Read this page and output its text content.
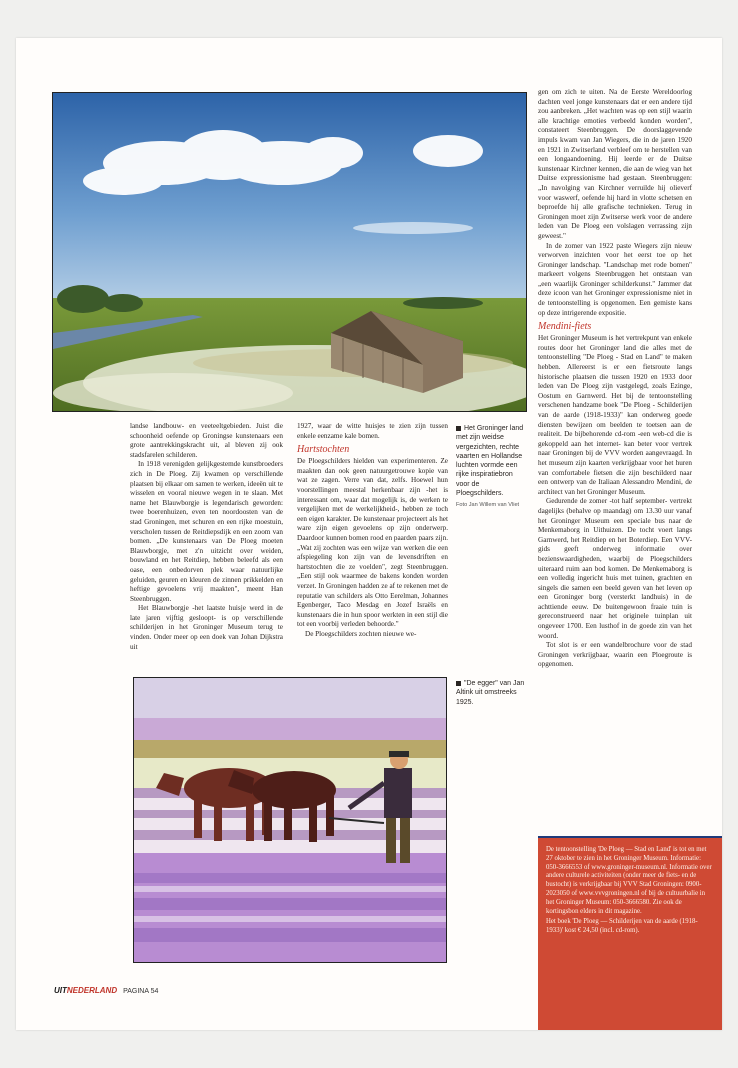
landse landbouw- en veeteeltgebieden. Juist die schoonheid oefende op Groningse kunstenaars een grote aantrekkingskracht uit, al bleven zij ook stadsfarelen schilderen.

In 1918 verenigden gelijkgestemde kunstbroeders zich in De Ploeg. Zij kwamen op verschillende plaatsen bij elkaar om samen te werken, ideeën uit te wisselen en vooral nieuwe wegen in te slaan. Met name het Blauwborgje is legendarisch geworden: twee boerenhuizen, even ten noordoosten van de stad Groningen, met schuren en een rijke moestuin, verscholen tussen de Reitdiepsdijk en een zoom van bomen. „De kunstenaars van De Ploeg moeten Blauwborgje, met z'n uitzicht over weiden, bouwland en het Reitdiep, hebben beleefd als een oase, een onbedorven plek waar natuurlijke geluiden, geuren en kleuren de zinnen prikkelden en heftige gevoelens vrij maakten", meent Han Steenbruggen.

Het Blauwborgje -het laatste huisje werd in de late jaren vijftig gesloopt- is op verschillende schilderijen in het Groninger Museum terug te vinden. Onder meer op een doek van Johan Dijkstra uit

1927, waar de witte huisjes te zien zijn tussen enkele eenzame kale bomen.

Hartstochten

De Ploegschilders hielden van experimenteren. Ze maakten dan ook geen natuurgetrouwe kopie van wat ze zagen. Verre van dat, zelfs. Hoewel hun voorstellingen meestal herkenbaar zijn -het is interessant om, waar dat mogelijk is, de werken te vergelijken met de werkelijkheid-, hebben ze toch een eigen karakter. De kunstenaar projecteert als het ware zijn eigen gevoelens op zijn onderwerp. Daardoor kunnen bomen rood en paarden paars zijn. „Wat zij zochten was een wijze van werken die een afspiegeling kon zijn van de levensdriften en hartstochten die ze voelden", zegt Steenbruggen. „Een stijl ook waarmee de bakens konden worden verzet. In Groningen hadden ze af te rekenen met de reputatie van schilders als Otto Eerelman, Johannes Egenberger, Taco Mesdag en Jozef Israëls en kunstenaars die in hun spoor werkten in een stijl die tot een voorbij verleden behoorde."

De Ploegschilders zochten nieuwe we-

Het Groninger land met zijn weidse vergezichten, rechte vaarten en Hollandse luchten vormde een rijke inspiratiebron voor de Ploegschilders.
Foto Jan Willem van Vliet
"De egger" van Jan Altink uit omstreeks 1925.

gen om zich te uiten. Na de Eerste Wereldoorlog dachten veel jonge kunstenaars dat er een andere tijd zou aanbreken. „Het wachten was op een stijl waarin alle krachtige emoties verbeeld konden worden", constateert Steenbruggen. De doorslaggevende impuls kwam van Jan Wiegers, die in de jaren 1920 en 1921 in Zwitserland verbleef om te herstellen van een longaandoening. Hij leerde er de Duitse kunstenaar Kirchner kennen, die aan de wieg van het Duitse expressionisme had gestaan. Steenbruggen: „In navolging van Kirchner verruilde hij olieverf voor waswerf, oefende hij hard in vlotte schetsen en beproefde hij alle grafische technieken. Terug in Groningen moet zijn Zwitserse werk voor de andere leden van De Ploeg een volslagen verrassing zijn geweest."

In de zomer van 1922 paste Wiegers zijn nieuw verworven inzichten voor het eerst toe op het Groninger landschap. "Landschap met rode bomen" markeert volgens Steenbruggen het ontstaan van „een waarlijk Groninger schilderkunst." Jammer dat deze icoon van het Groninger expressionisme niet in de tentoonstelling is opgenomen. Een gemiste kans op deze intrigerende expositie.

Mendini-fiets

Het Groninger Museum is het vertrekpunt van enkele routes door het Groninger land die alles met de tentoonstelling "De Ploeg - Stad en Land" te maken hebben. Allereerst is er een fietsroute langs historische plaatsen die tussen 1920 en 1933 door leden van De Ploeg zijn vastgelegd, zoals Ezinge, Oostum en Garnwerd. Het bij de tentoonstelling verschenen handzame boek "De Ploeg - Schilderijen van de aarde (1918-1933)" kan onderweg goede diensten bewijzen om beelden te toetsen aan de realiteit. De bijbehorende cd-rom -een web-cd die is gekoppeld aan het internet- kan beter voor vertrek naar Groningen bij de VVV worden aangevraagd. In het museum zijn kaarten verkrijgbaar voor het huren van comfortabele fietsen die zijn beschilderd naar een ontwerp van de Italiaan Alessandro Mendini, de architect van het Groninger Museum.

Gedurende de zomer -tot half september- vertrekt dagelijks (behalve op maandag) om 13.30 uur vanaf het Groninger Museum een speciale bus naar de Menkemaborg in Uithuizen. De tocht voert langs Garnwerd, het Reitdiep en het Boterdiep. Een VVV-gids geeft onderweg informatie over bezienswaardigheden, waarbij de Ploegschilders uiteraard ruim aan bod komen. De Menkemaborg is een volledig ingericht huis met tuinen, grachten en singels die samen een beeld geven van het leven op een Groninger borg (versterkt landhuis) in de achttiende eeuw. De buitengewoon fraaie tuin is gereconstrueerd naar het originele tuinplan uit ongeveer 1700. Een lusthof in de goede zin van het woord.

Tot slot is er een wandelbrochure voor de stad Groningen verkrijgbaar, waarin een Ploegroute is opgenomen.

De tentoonstelling 'De Ploeg — Stad en Land' is tot en met 27 oktober te zien in het Groninger Museum. Informatie: 050-3666553 of www.groninger-museum.nl. Informatie over andere culturele activiteiten (onder meer de fiets- en de bustocht) is verkrijgbaar bij VVV Stad Groningen: 0900-2023050 of www.vvvgroningen.nl of bij de cultuurbalie in het Groninger Museum: 050-3666580. Zie ook de kortingsbon elders in dit magazine.

Het boek 'De Ploeg — Schilderijen van de aarde (1918-1933)' kost € 24,50 (incl. cd-rom).

UITNEDERLAND PAGINA 54
